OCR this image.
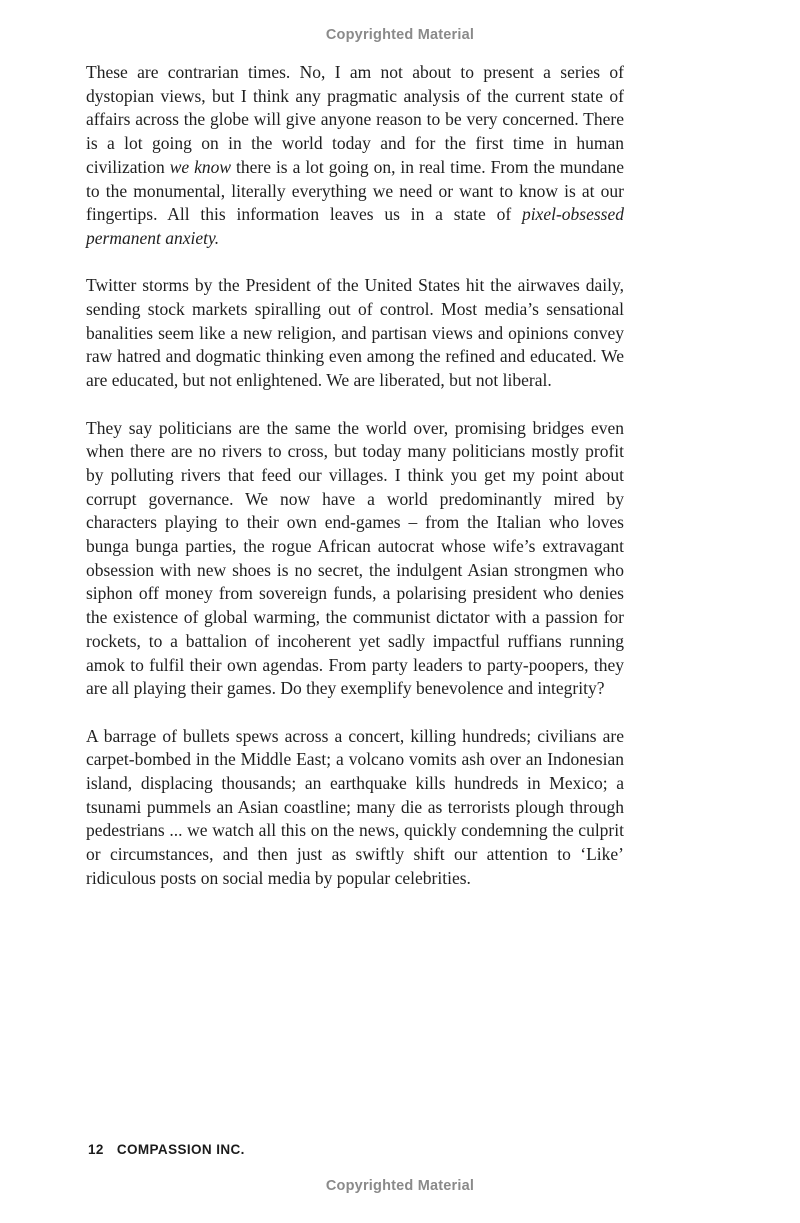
Copyrighted Material

These are contrarian times. No, I am not about to present a series of dystopian views, but I think any pragmatic analysis of the current state of affairs across the globe will give anyone reason to be very concerned. There is a lot going on in the world today and for the first time in human civilization we know there is a lot going on, in real time. From the mundane to the monumental, literally everything we need or want to know is at our fingertips. All this information leaves us in a state of pixel-obsessed permanent anxiety.

Twitter storms by the President of the United States hit the airwaves daily, sending stock markets spiralling out of control. Most media’s sensational banalities seem like a new religion, and partisan views and opinions convey raw hatred and dogmatic thinking even among the refined and educated. We are educated, but not enlightened. We are liberated, but not liberal.

They say politicians are the same the world over, promising bridges even when there are no rivers to cross, but today many politicians mostly profit by polluting rivers that feed our villages. I think you get my point about corrupt governance. We now have a world predominantly mired by characters playing to their own end-games – from the Italian who loves bunga bunga parties, the rogue African autocrat whose wife’s extravagant obsession with new shoes is no secret, the indulgent Asian strongmen who siphon off money from sovereign funds, a polarising president who denies the existence of global warming, the communist dictator with a passion for rockets, to a battalion of incoherent yet sadly impactful ruffians running amok to fulfil their own agendas. From party leaders to party-poopers, they are all playing their games. Do they exemplify benevolence and integrity?

A barrage of bullets spews across a concert, killing hundreds; civilians are carpet-bombed in the Middle East; a volcano vomits ash over an Indonesian island, displacing thousands; an earthquake kills hundreds in Mexico; a tsunami pummels an Asian coastline; many die as terrorists plough through pedestrians ... we watch all this on the news, quickly condemning the culprit or circumstances, and then just as swiftly shift our attention to ‘Like’ ridiculous posts on social media by popular celebrities.

12 COMPASSION INC.
Copyrighted Material
